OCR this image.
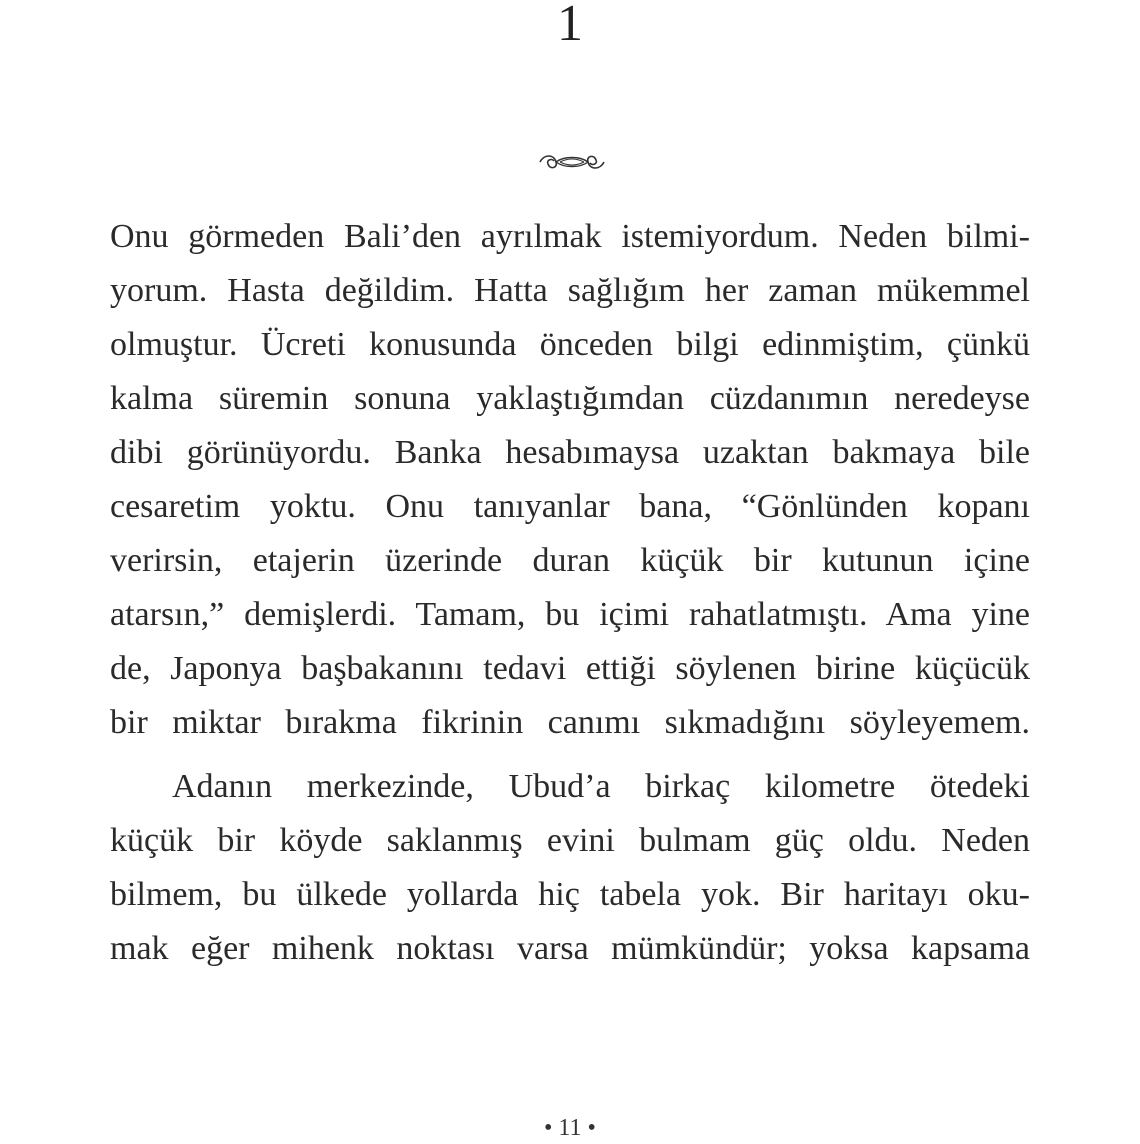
1
Onu görmeden Bali’den ayrılmak istemiyordum. Neden bilmi-
yorum. Hasta değildim. Hatta sağlığım her zaman mükemmel
olmuştur. Ücreti konusunda önceden bilgi edinmiştim, çünkü
kalma süremin sonuna yaklaştığımdan cüzdanımın neredeyse
dibi görünüyordu. Banka hesabımaysa uzaktan bakmaya bile
cesaretim yoktu. Onu tanıyanlar bana, “Gönlünden kopanı
verirsin, etajerin üzerinde duran küçük bir kutunun içine
atarsın,” demişlerdi. Tamam, bu içimi rahatlatmıştı. Ama yine
de, Japonya başbakanını tedavi ettiği söylenen birine küçücük
bir miktar bırakma fikrinin canımı sıkmadığını söyleyemem.
Adanın merkezinde, Ubud’a birkaç kilometre ötedeki
küçük bir köyde saklanmış evini bulmam güç oldu. Neden
bilmem, bu ülkede yollarda hiç tabela yok. Bir haritayı oku-
mak eğer mihenk noktası varsa mümkündür; yoksa kapsama
• 11 •
